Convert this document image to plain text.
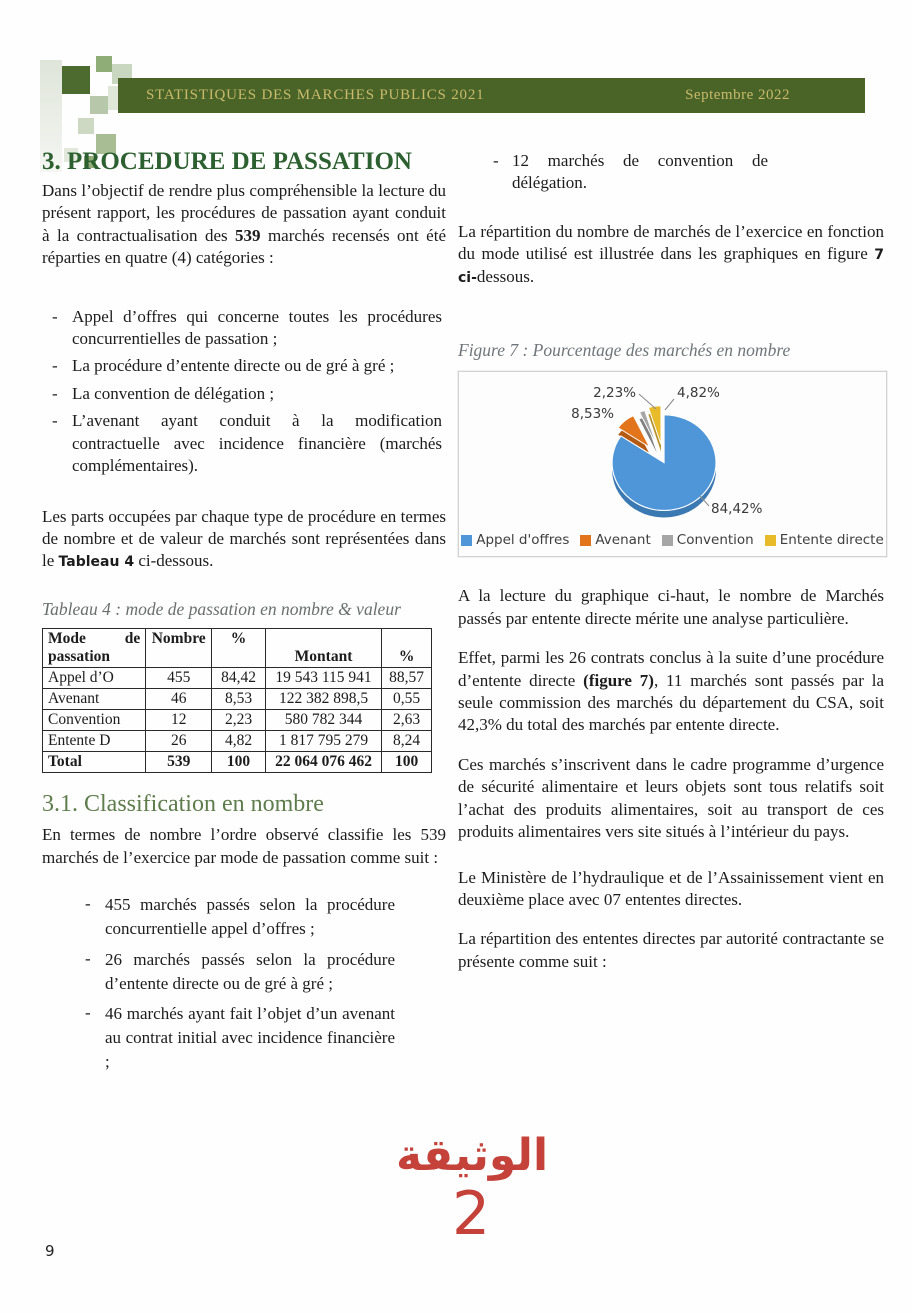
STATISTIQUES DES MARCHES PUBLICS 2021	Septembre 2022
3. PROCEDURE DE PASSATION

Dans l’objectif de rendre plus compréhensible la lecture du présent rapport, les procédures de passation ayant conduit à la contractualisation des 539 marchés recensés ont été réparties en quatre (4) catégories :

- Appel d’offres qui concerne toutes les procédures concurrentielles de passation ;
- La procédure d’entente directe ou de gré à gré ;
- La convention de délégation ;
- L’avenant ayant conduit à la modification contractuelle avec incidence financière (marchés complémentaires).

Les parts occupées par chaque type de procédure en termes de nombre et de valeur de marchés sont représentées dans le Tableau 4 ci-dessous.

Tableau 4 : mode de passation en nombre & valeur

Mode de passation	Nombre	%	Montant	%
Appel d’O	455	84,42	19 543 115 941	88,57
Avenant	46	8,53	122 382 898,5	0,55
Convention	12	2,23	580 782 344	2,63
Entente D	26	4,82	1 817 795 279	8,24
Total	539	100	22 064 076 462	100
3.1. Classification en nombre

En termes de nombre l’ordre observé classifie les 539 marchés de l’exercice par mode de passation comme suit :

- 455 marchés passés selon la procédure concurrentielle appel d’offres ;
- 26 marchés passés selon la procédure d’entente directe ou de gré à gré ;
- 46 marchés ayant fait l’objet d’un avenant au contrat initial avec incidence financière ;
- 12 marchés de convention de délégation.

La répartition du nombre de marchés de l’exercice en fonction du mode utilisé est illustrée dans les graphiques en figure 7 ci-dessous.

Figure 7 : Pourcentage des marchés en nombre

2,23%	4,82%
8,53%
84,42%
Appel d'offres Avenant Convention Entente directe

A la lecture du graphique ci-haut, le nombre de Marchés passés par entente directe mérite une analyse particulière.

Effet, parmi les 26 contrats conclus à la suite d’une procédure d’entente directe (figure 7), 11 marchés sont passés par la seule commission des marchés du département du CSA, soit 42,3% du total des marchés par entente directe.

Ces marchés s’inscrivent dans le cadre programme d’urgence de sécurité alimentaire et leurs objets sont tous relatifs soit l’achat des produits alimentaires, soit au transport de ces produits alimentaires vers site situés à l’intérieur du pays.

Le Ministère de l’hydraulique et de l’Assainissement vient en deuxième place avec 07 ententes directes.

La répartition des ententes directes par autorité contractante se présente comme suit :

الوثيقة
2
9
